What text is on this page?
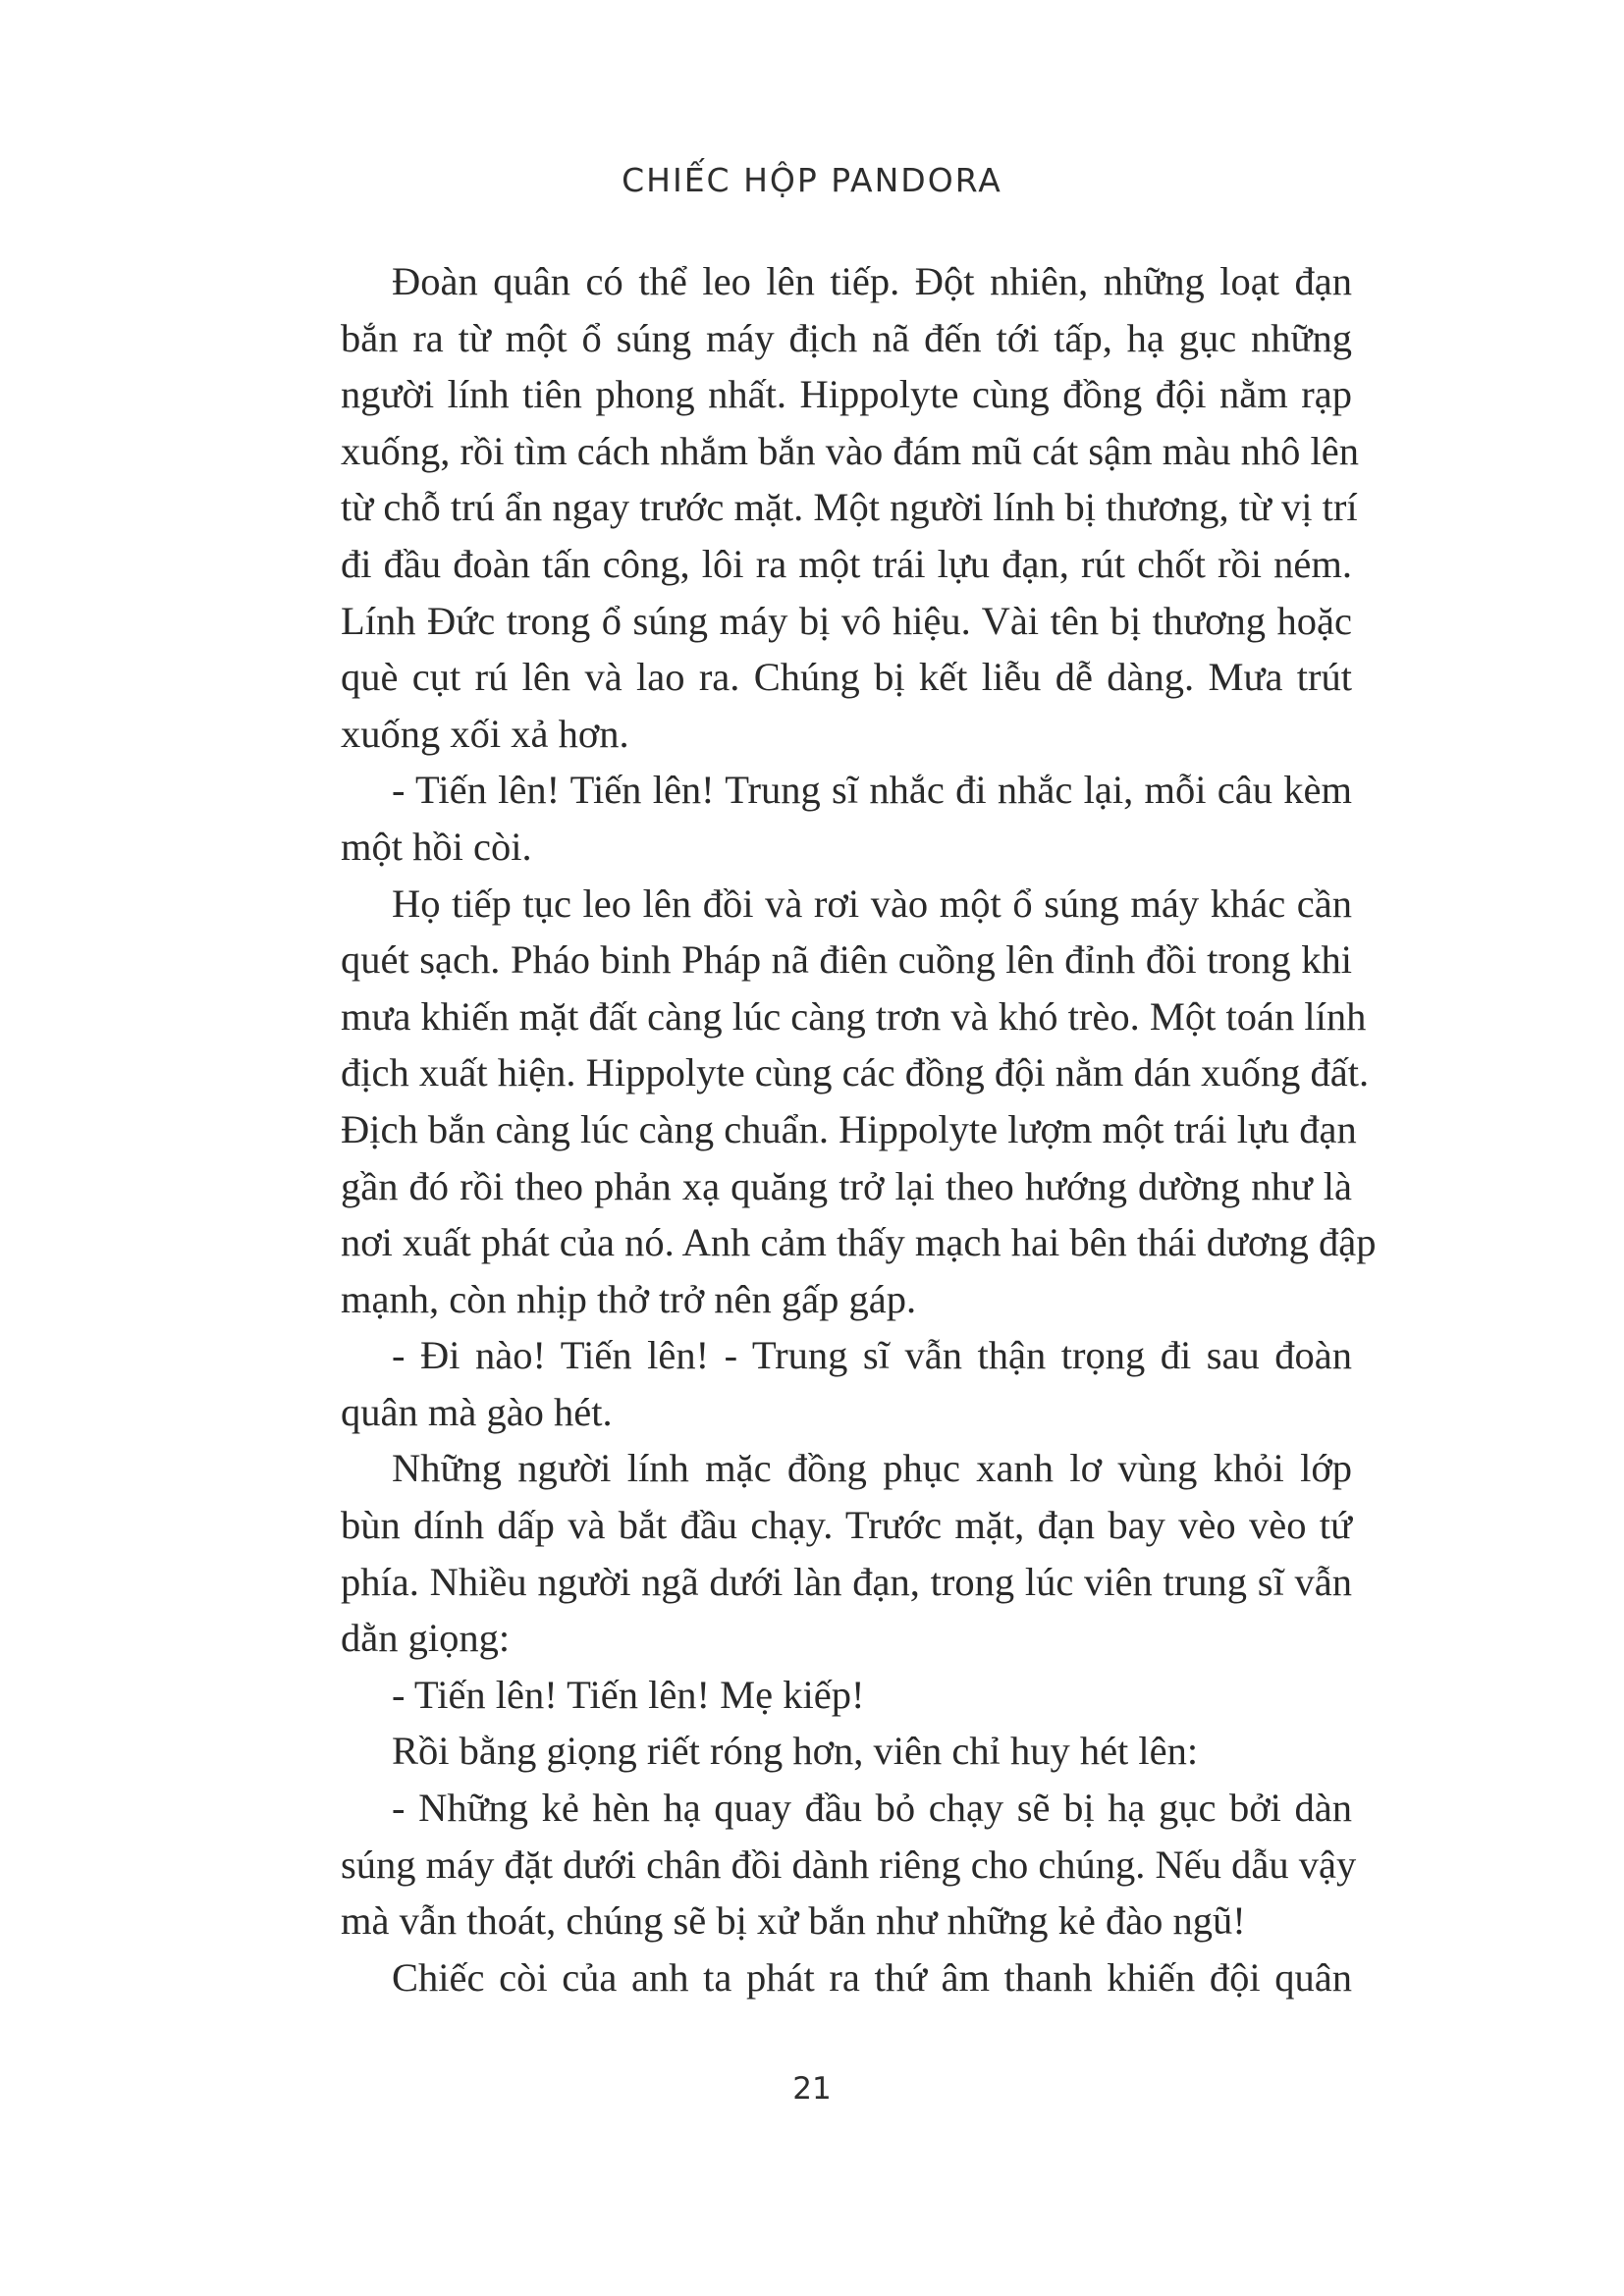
CHIẾC HỘP PANDORA
Đoàn quân có thể leo lên tiếp. Đột nhiên, những loạt đạn
bắn ra từ một ổ súng máy địch nã đến tới tấp, hạ gục những
người lính tiên phong nhất. Hippolyte cùng đồng đội nằm rạp
xuống, rồi tìm cách nhắm bắn vào đám mũ cát sậm màu nhô lên
từ chỗ trú ẩn ngay trước mặt. Một người lính bị thương, từ vị trí
đi đầu đoàn tấn công, lôi ra một trái lựu đạn, rút chốt rồi ném.
Lính Đức trong ổ súng máy bị vô hiệu. Vài tên bị thương hoặc
què cụt rú lên và lao ra. Chúng bị kết liễu dễ dàng. Mưa trút
xuống xối xả hơn.
- Tiến lên! Tiến lên! Trung sĩ nhắc đi nhắc lại, mỗi câu kèm
một hồi còi.
Họ tiếp tục leo lên đồi và rơi vào một ổ súng máy khác cần
quét sạch. Pháo binh Pháp nã điên cuồng lên đỉnh đồi trong khi
mưa khiến mặt đất càng lúc càng trơn và khó trèo. Một toán lính
địch xuất hiện. Hippolyte cùng các đồng đội nằm dán xuống đất.
Địch bắn càng lúc càng chuẩn. Hippolyte lượm một trái lựu đạn
gần đó rồi theo phản xạ quăng trở lại theo hướng dường như là
nơi xuất phát của nó. Anh cảm thấy mạch hai bên thái dương đập
mạnh, còn nhịp thở trở nên gấp gáp.
- Đi nào! Tiến lên! - Trung sĩ vẫn thận trọng đi sau đoàn
quân mà gào hét.
Những người lính mặc đồng phục xanh lơ vùng khỏi lớp
bùn dính dấp và bắt đầu chạy. Trước mặt, đạn bay vèo vèo tứ
phía. Nhiều người ngã dưới làn đạn, trong lúc viên trung sĩ vẫn
dằn giọng:
- Tiến lên! Tiến lên! Mẹ kiếp!
Rồi bằng giọng riết róng hơn, viên chỉ huy hét lên:
- Những kẻ hèn hạ quay đầu bỏ chạy sẽ bị hạ gục bởi dàn
súng máy đặt dưới chân đồi dành riêng cho chúng. Nếu dẫu vậy
mà vẫn thoát, chúng sẽ bị xử bắn như những kẻ đào ngũ!
Chiếc còi của anh ta phát ra thứ âm thanh khiến đội quân
21
